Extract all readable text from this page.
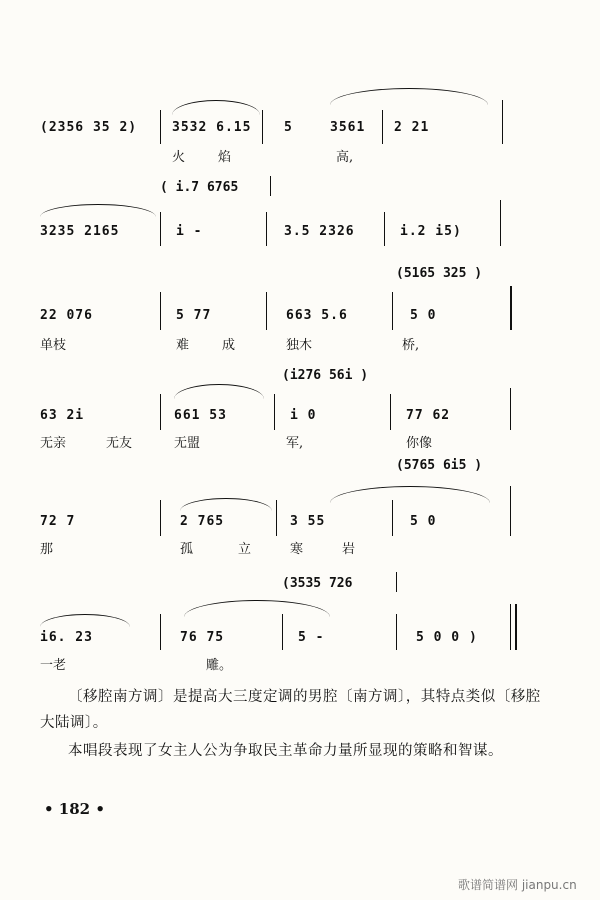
(2356 35 2)	3532 6.15	5	3561 2 21
火	焰	高,
( i.7 6765
3235 2165	i -	3.5 2326	i.2 i5)
(5165 325 )
22 076	5 77	663 5.6	5 0
单枝	难	成	独木	桥,
(i276 56i )
63 2i	661 53	i 0	77 62
无亲	无友	无盟	军,	你像
(5765 6i5 )
72 7	2 765	3 55	5 0
那	孤	立	寒	岩
(3535 726
i6. 23	76 75	5 -	5 0 0 )
一老	雕。
〔移腔南方调〕是提高大三度定调的男腔〔南方调〕，其特点类似〔移腔大陆调〕。
本唱段表现了女主人公为争取民主革命力量所显现的策略和智谋。
• 182 •
歌谱简谱网 jianpu.cn
